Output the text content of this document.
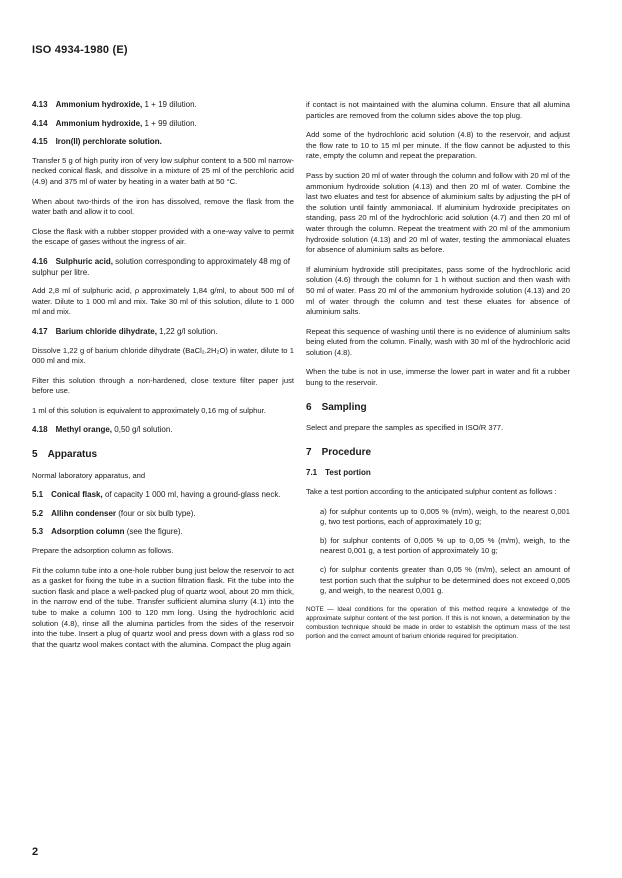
ISO 4934-1980 (E)
4.13 Ammonium hydroxide, 1 + 19 dilution.
4.14 Ammonium hydroxide, 1 + 99 dilution.
4.15 Iron(II) perchlorate solution.

Transfer 5 g of high purity iron of very low sulphur content to a 500 ml narrow-necked conical flask, and dissolve in a mixture of 25 ml of the perchloric acid (4.9) and 375 ml of water by heating in a water bath at 50 °C.

When about two-thirds of the iron has dissolved, remove the flask from the water bath and allow it to cool.

Close the flask with a rubber stopper provided with a one-way valve to permit the escape of gases without the ingress of air.

4.16 Sulphuric acid, solution corresponding to approximately 48 mg of sulphur per litre.

Add 2,8 ml of sulphuric acid, ρ approximately 1,84 g/ml, to about 500 ml of water. Dilute to 1 000 ml and mix. Take 30 ml of this solution, dilute to 1 000 ml and mix.

4.17 Barium chloride dihydrate, 1,22 g/l solution.

Dissolve 1,22 g of barium chloride dihydrate (BaCl₂.2H₂O) in water, dilute to 1 000 ml and mix.

Filter this solution through a non-hardened, close texture filter paper just before use.

1 ml of this solution is equivalent to approximately 0,16 mg of sulphur.

4.18 Methyl orange, 0,50 g/l solution.
5 Apparatus

Normal laboratory apparatus, and

5.1 Conical flask, of capacity 1 000 ml, having a ground-glass neck.
5.2 Allihn condenser (four or six bulb type).
5.3 Adsorption column (see the figure).

Prepare the adsorption column as follows.

Fit the column tube into a one-hole rubber bung just below the reservoir to act as a gasket for fixing the tube in a suction filtration flask. Fit the tube into the suction flask and place a well-packed plug of quartz wool, about 20 mm thick, in the narrow end of the tube. Transfer sufficient alumina slurry (4.1) into the tube to make a column 100 to 120 mm long. Using the hydrochloric acid solution (4.8), rinse all the alumina particles from the sides of the reservoir into the tube. Insert a plug of quartz wool and press down with a glass rod so that the quartz wool makes contact with the alumina. Compact the plug again

if contact is not maintained with the alumina column. Ensure that all alumina particles are removed from the column sides above the top plug.

Add some of the hydrochloric acid solution (4.8) to the reservoir, and adjust the flow rate to 10 to 15 ml per minute. If the flow cannot be adjusted to this rate, empty the column and repeat the preparation.

Pass by suction 20 ml of water through the column and follow with 20 ml of the ammonium hydroxide solution (4.13) and then 20 ml of water. Combine the last two eluates and test for absence of aluminium salts by adjusting the pH of the solution until faintly ammoniacal. If aluminium hydroxide precipitates on standing, pass 20 ml of the hydrochloric acid solution (4.7) and then 20 ml of water through the column. Repeat the treatment with 20 ml of the ammonium hydroxide solution (4.13) and 20 ml of water, testing the ammoniacal eluates for absence of aluminium salts as before.

If aluminium hydroxide still precipitates, pass some of the hydrochloric acid solution (4.6) through the column for 1 h without suction and then wash with 50 ml of water. Pass 20 ml of the ammonium hydroxide solution (4.13) and 20 ml of water through the column and test these eluates for absence of aluminium salts.

Repeat this sequence of washing until there is no evidence of aluminium salts being eluted from the column. Finally, wash with 30 ml of the hydrochloric acid solution (4.8).

When the tube is not in use, immerse the lower part in water and fit a rubber bung to the reservoir.

6 Sampling

Select and prepare the samples as specified in ISO/R 377.

7 Procedure
7.1 Test portion

Take a test portion according to the anticipated sulphur content as follows :

a) for sulphur contents up to 0,005 % (m/m), weigh, to the nearest 0,001 g, two test portions, each of approximately 10 g;
b) for sulphur contents of 0,005 % up to 0,05 % (m/m), weigh, to the nearest 0,001 g, a test portion of approximately 10 g;
c) for sulphur contents greater than 0,05 % (m/m), select an amount of test portion such that the sulphur to be determined does not exceed 0,005 g, and weigh, to the nearest 0,001 g.
NOTE — Ideal conditions for the operation of this method require a knowledge of the approximate sulphur content of the test portion. If this is not known, a determination by the combustion technique should be made in order to establish the optimum mass of the test portion and the correct amount of barium chloride required for precipitation.
2
